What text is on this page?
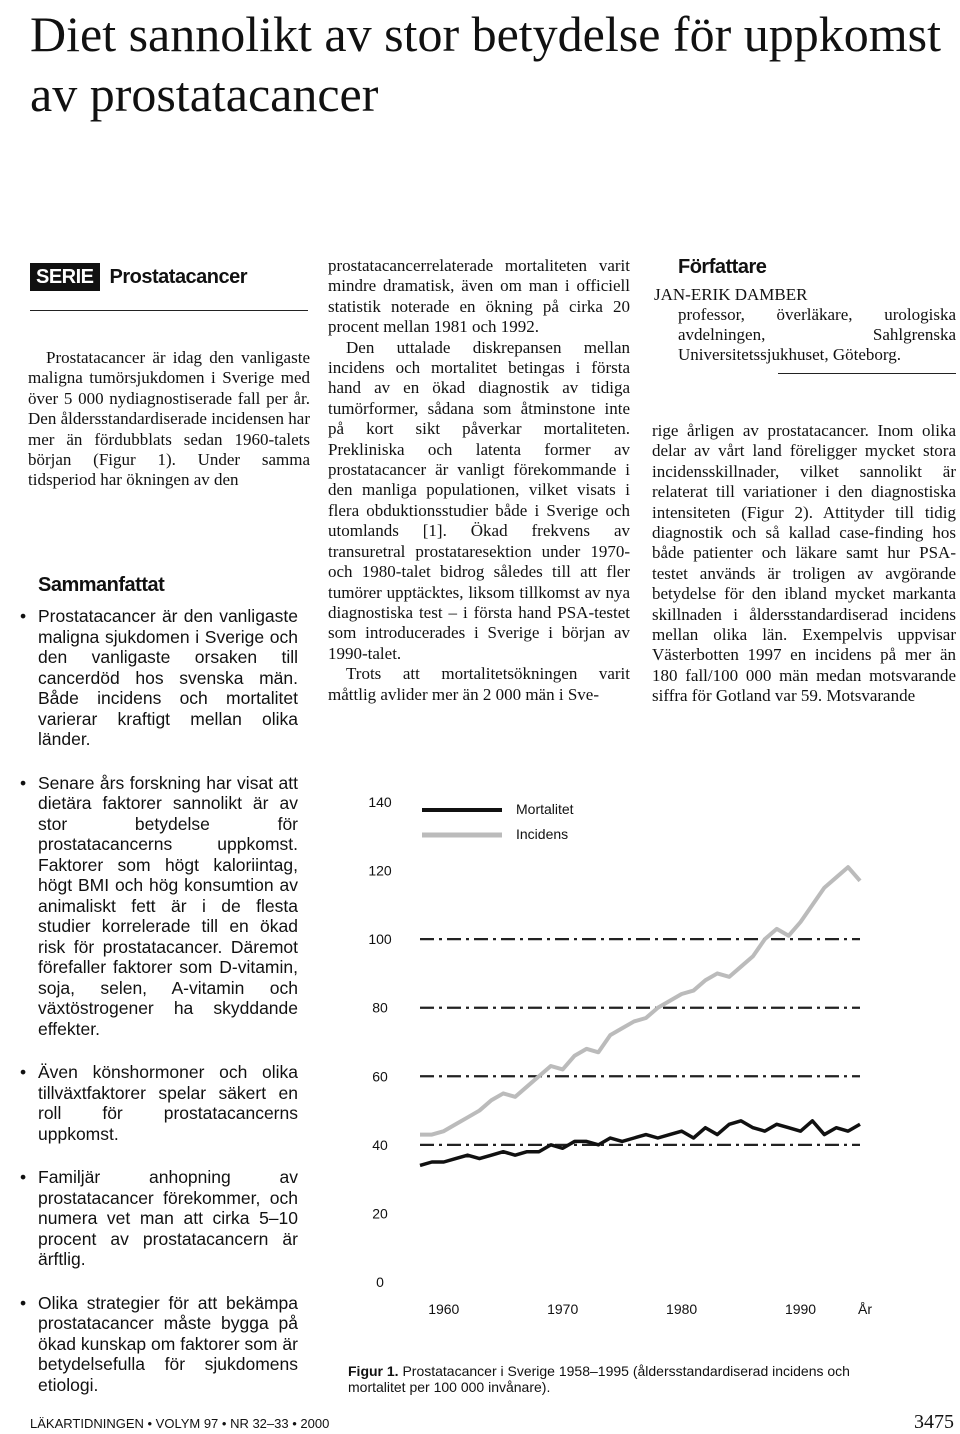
Diet sannolikt av stor betydelse för uppkomst av prostatacancer
SERIE Prostatacancer

Prostatacancer är idag den vanligaste maligna tumörsjukdomen i Sverige med över 5 000 nydiagnostiserade fall per år. Den åldersstandardiserade incidensen har mer än fördubblats sedan 1960-talets början (Figur 1). Under samma tidsperiod har ökningen av den

Sammanfattat
• Prostatacancer är den vanligaste maligna sjukdomen i Sverige och den vanligaste orsaken till cancerdöd hos svenska män. Både incidens och mortalitet varierar kraftigt mellan olika länder.
• Senare års forskning har visat att dietära faktorer sannolikt är av stor betydelse för prostatacancerns uppkomst. Faktorer som högt kaloriintag, högt BMI och hög konsumtion av animaliskt fett är i de flesta studier korrelerade till en ökad risk för prostatacancer. Däremot förefaller faktorer som D-vitamin, soja, selen, A-vitamin och växtöstrogener ha skyddande effekter.
• Även könshormoner och olika tillväxtfaktorer spelar säkert en roll för prostatacancerns uppkomst.
• Familjär anhopning av prostatacancer förekommer, och numera vet man att cirka 5–10 procent av prostatacancern är ärftlig.
• Olika strategier för att bekämpa prostatacancer måste bygga på ökad kunskap om faktorer som är betydelsefulla för sjukdomens etiologi.
prostatacancerrelaterade mortaliteten varit mindre dramatisk, även om man i officiell statistik noterade en ökning på cirka 20 procent mellan 1981 och 1992.
Den uttalade diskrepansen mellan incidens och mortalitet betingas i första hand av en ökad diagnostik av tidiga tumörformer, sådana som åtminstone inte på kort sikt påverkar mortaliteten. Prekliniska och latenta former av prostatacancer är vanligt förekommande i den manliga populationen, vilket visats i flera obduktionsstudier både i Sverige och utomlands [1]. Ökad frekvens av transuretral prostataresektion under 1970- och 1980-talet bidrog således till att fler tumörer upptäcktes, liksom tillkomst av nya diagnostiska test – i första hand PSA-testet som introducerades i Sverige i början av 1990-talet.
Trots att mortalitetsökningen varit måttlig avlider mer än 2 000 män i Sve-
Författare
JAN-ERIK DAMBER
professor, överläkare, urologiska avdelningen, Sahlgrenska Universitetssjukhuset, Göteborg.

rige årligen av prostatacancer. Inom olika delar av vårt land föreligger mycket stora incidensskillnader, vilket sannolikt är relaterat till variationer i den diagnostiska intensiteten (Figur 2). Attityder till tidig diagnostik och så kallad case-finding hos både patienter och läkare samt hur PSA-testet används är troligen av avgörande betydelse för den ibland mycket markanta skillnaden i åldersstandardiserad incidens mellan olika län. Exempelvis uppvisar Västerbotten 1997 en incidens på mer än 180 fall/100 000 män medan motsvarande siffra för Gotland var 59. Motsvarande

0
20
40
60
80
100
120
140
1960	1970	1980	1990	År
Mortalitet
Incidens
Figur 1. Prostatacancer i Sverige 1958–1995 (åldersstandardiserad incidens och mortalitet per 100 000 invånare).
LÄKARTIDNINGEN • VOLYM 97 • NR 32–33 • 2000	3475
